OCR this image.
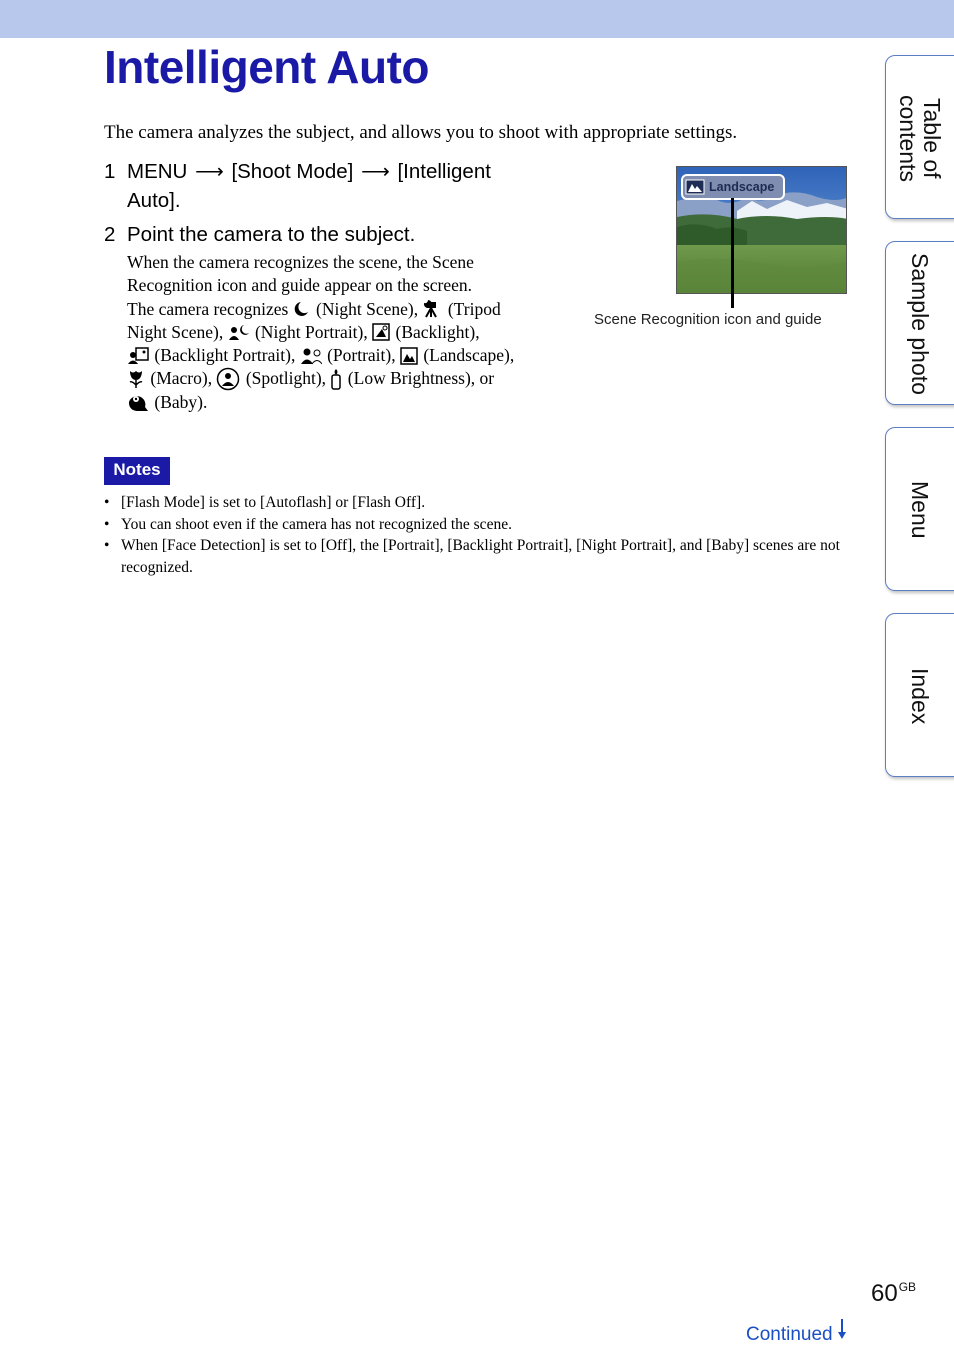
Intelligent Auto
The camera analyzes the subject, and allows you to shoot with appropriate settings.
1 MENU ⟶ [Shoot Mode] ⟶ [Intelligent
Auto].
2 Point the camera to the subject.
When the camera recognizes the scene, the Scene
Recognition icon and guide appear on the screen.
The camera recognizes (Night Scene), (Tripod
Night Scene), (Night Portrait), (Backlight),
(Backlight Portrait), (Portrait), (Landscape),
(Macro), (Spotlight), (Low Brightness), or
(Baby).
Landscape
Scene Recognition icon and guide
Notes
• [Flash Mode] is set to [Autoflash] or [Flash Off].
• You can shoot even if the camera has not recognized the scene.
• When [Face Detection] is set to [Off], the [Portrait], [Backlight Portrait], [Night Portrait], and [Baby] scenes are not recognized.
Table of
contents
Sample photo
Menu
Index
$60^{GB}$
Continued
